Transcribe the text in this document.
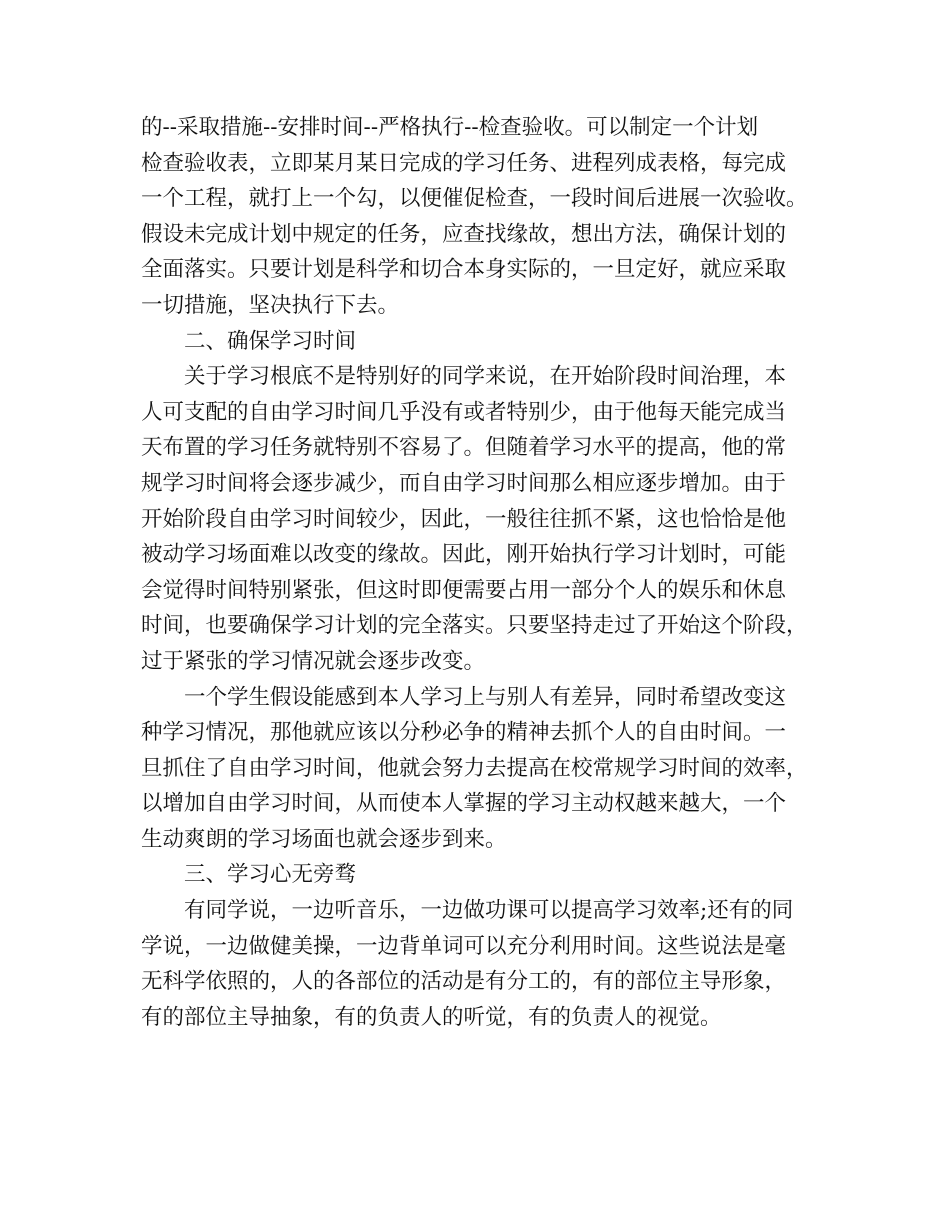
的--采取措施--安排时间--严格执行--检查验收。可以制定一个计划
检查验收表，立即某月某日完成的学习任务、进程列成表格，每完成
一个工程，就打上一个勾，以便催促检查，一段时间后进展一次验收。
假设未完成计划中规定的任务，应查找缘故，想出方法，确保计划的
全面落实。只要计划是科学和切合本身实际的，一旦定好，就应采取
一切措施，坚决执行下去。
二、确保学习时间
关于学习根底不是特别好的同学来说，在开始阶段时间治理，本
人可支配的自由学习时间几乎没有或者特别少，由于他每天能完成当
天布置的学习任务就特别不容易了。但随着学习水平的提高，他的常
规学习时间将会逐步减少，而自由学习时间那么相应逐步增加。由于
开始阶段自由学习时间较少，因此，一般往往抓不紧，这也恰恰是他
被动学习场面难以改变的缘故。因此，刚开始执行学习计划时，可能
会觉得时间特别紧张，但这时即便需要占用一部分个人的娱乐和休息
时间，也要确保学习计划的完全落实。只要坚持走过了开始这个阶段，
过于紧张的学习情况就会逐步改变。
一个学生假设能感到本人学习上与别人有差异，同时希望改变这
种学习情况，那他就应该以分秒必争的精神去抓个人的自由时间。一
旦抓住了自由学习时间，他就会努力去提高在校常规学习时间的效率，
以增加自由学习时间，从而使本人掌握的学习主动权越来越大，一个
生动爽朗的学习场面也就会逐步到来。
三、学习心无旁骛
有同学说，一边听音乐，一边做功课可以提高学习效率;还有的同
学说，一边做健美操，一边背单词可以充分利用时间。这些说法是毫
无科学依照的，人的各部位的活动是有分工的，有的部位主导形象，
有的部位主导抽象，有的负责人的听觉，有的负责人的视觉。
